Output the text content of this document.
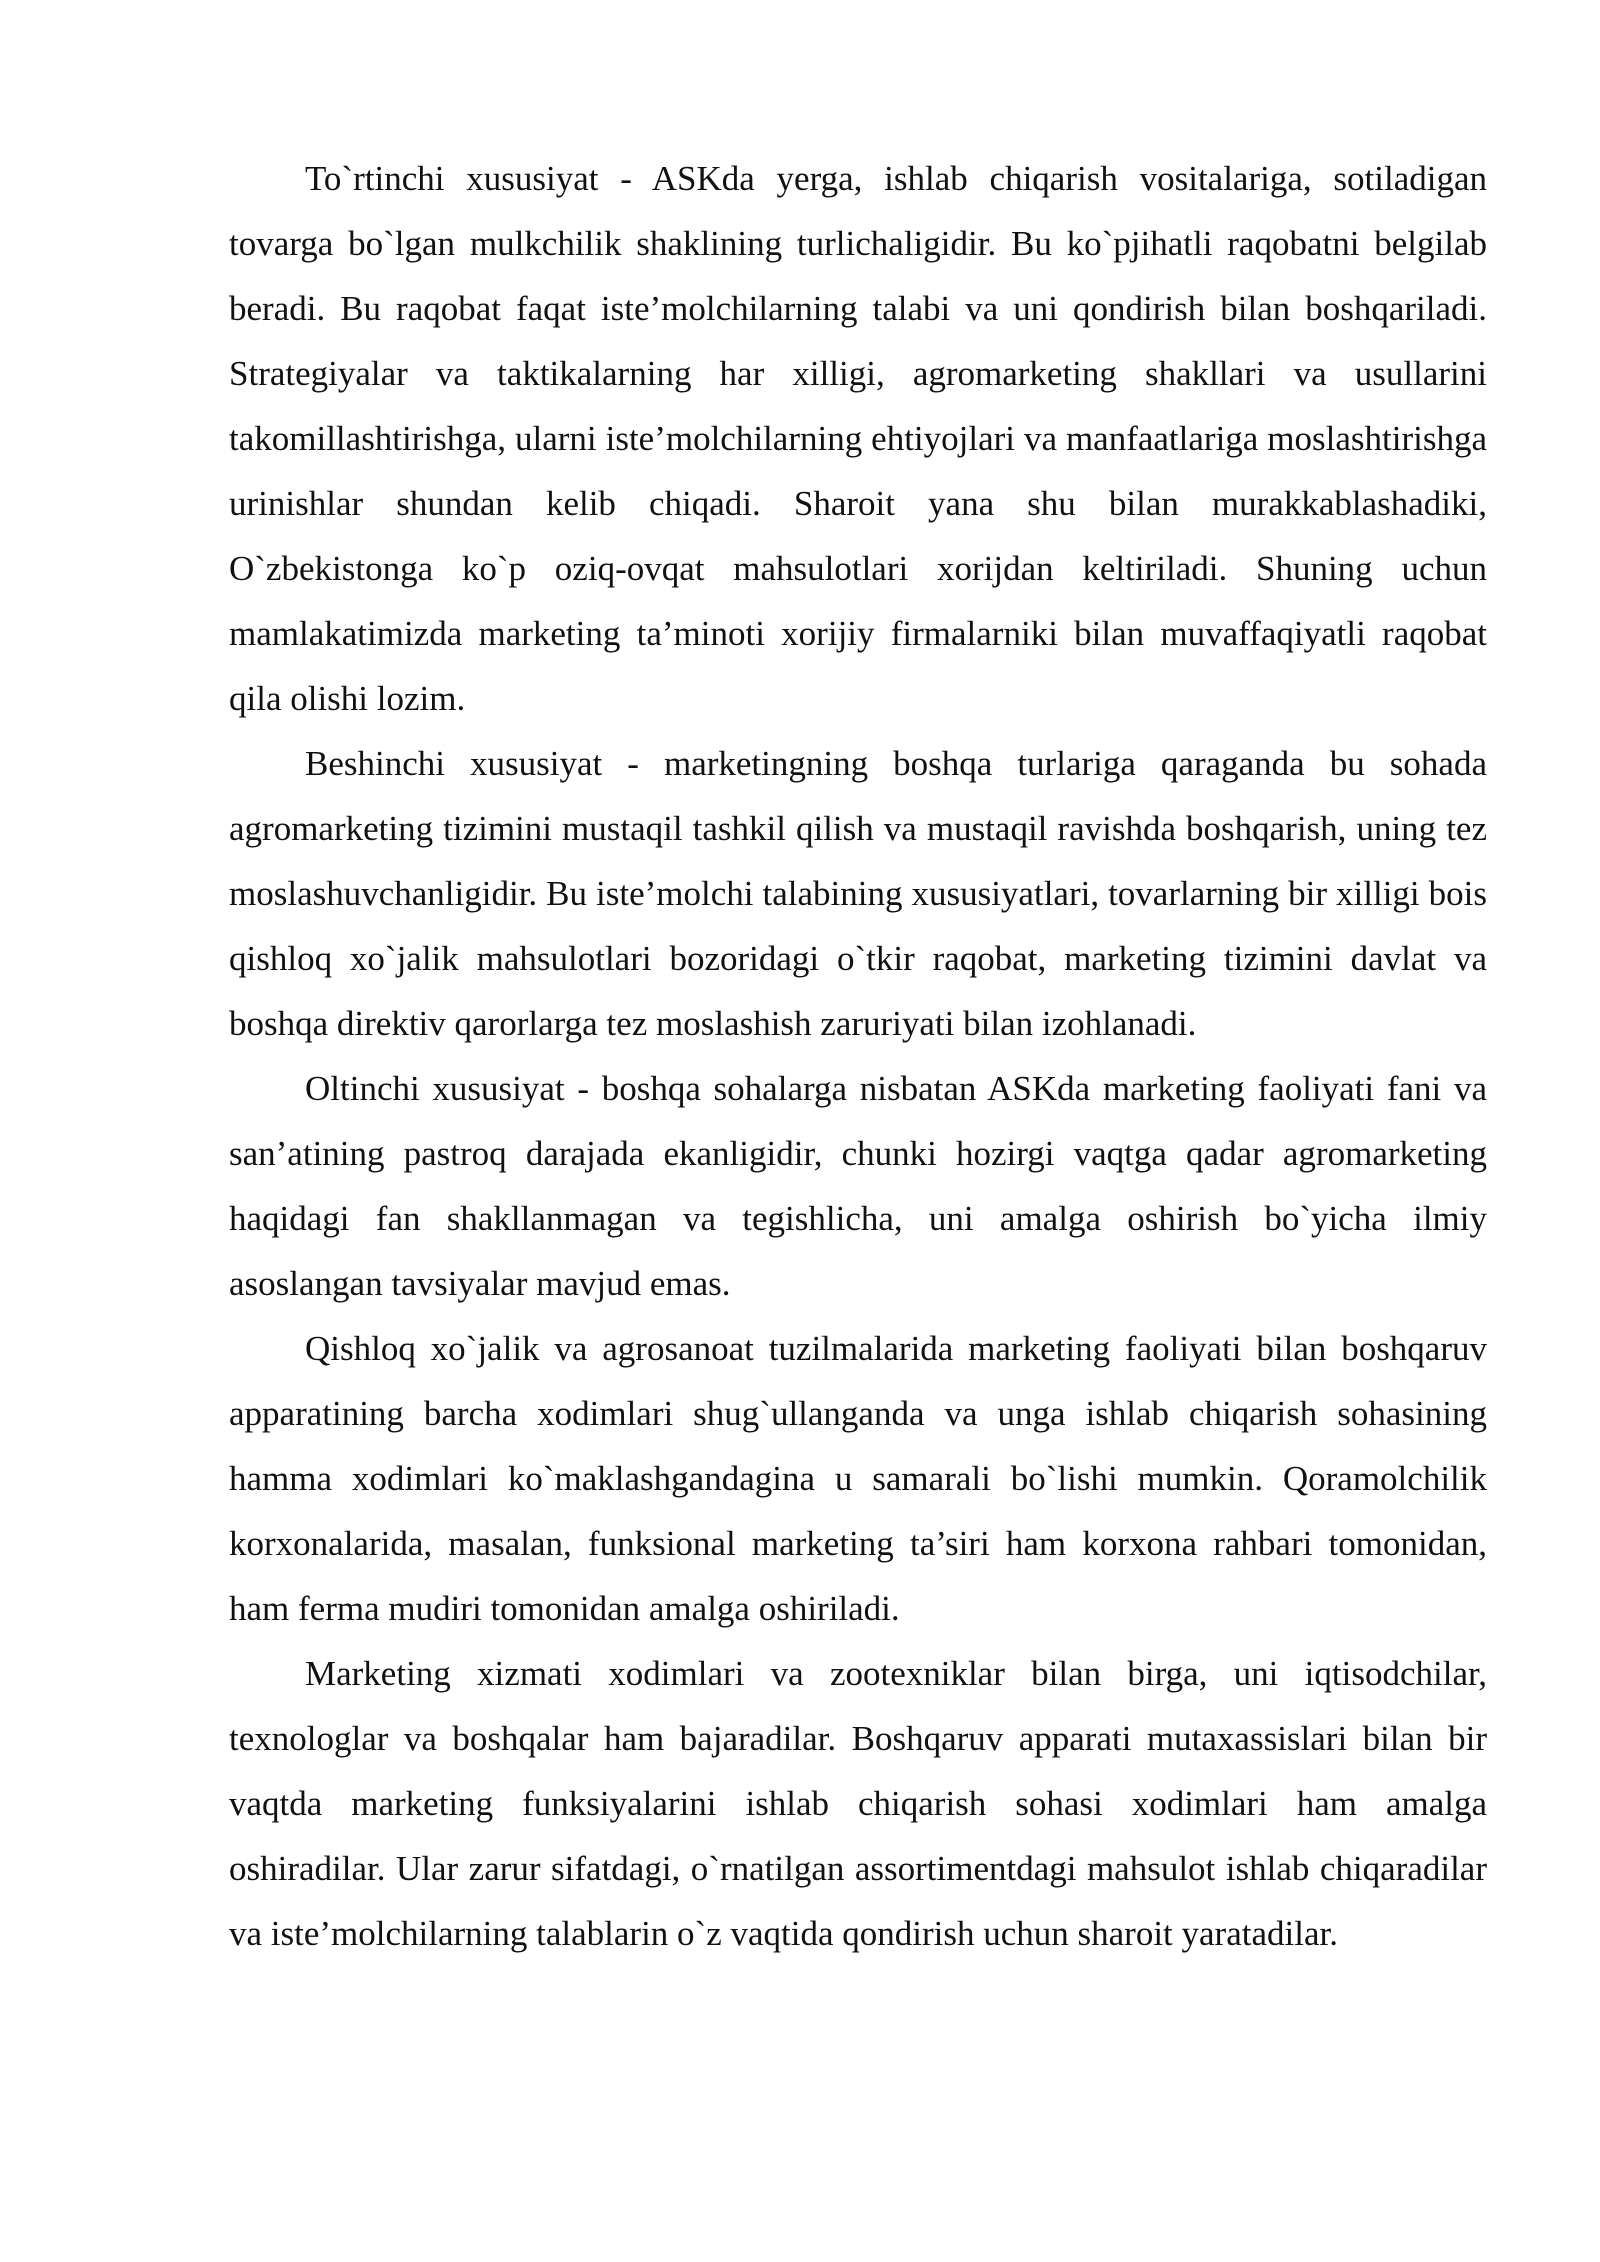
To`rtinchi xususiyat - ASKda yerga, ishlab chiqarish vositalariga, sotiladigan tovarga bo`lgan mulkchilik shaklining turlichaligidir. Bu ko`pjihatli raqobatni belgilab beradi. Bu raqobat faqat iste’molchilarning talabi va uni qondirish bilan boshqariladi. Strategiyalar va taktikalarning har xilligi, agromarketing shakllari va usullarini takomillashtirishga, ularni iste’molchilarning ehtiyojlari va manfaatlariga moslashtirishga urinishlar shundan kelib chiqadi. Sharoit yana shu bilan murakkablashadiki, O`zbekistonga ko`p oziq-ovqat mahsulotlari xorijdan keltiriladi. Shuning uchun mamlakatimizda marketing ta’minoti xorijiy firmalarniki bilan muvaffaqiyatli raqobat qila olishi lozim.

Beshinchi xususiyat - marketingning boshqa turlariga qaraganda bu sohada agromarketing tizimini mustaqil tashkil qilish va mustaqil ravishda boshqarish, uning tez moslashuvchanligidir. Bu iste’molchi talabining xususiyatlari, tovarlarning bir xilligi bois qishloq xo`jalik mahsulotlari bozoridagi o`tkir raqobat, marketing tizimini davlat va boshqa direktiv qarorlarga tez moslashish zaruriyati bilan izohlanadi.

Oltinchi xususiyat - boshqa sohalarga nisbatan ASKda marketing faoliyati fani va san’atining pastroq darajada ekanligidir, chunki hozirgi vaqtga qadar agromarketing haqidagi fan shakllanmagan va tegishlicha, uni amalga oshirish bo`yicha ilmiy asoslangan tavsiyalar mavjud emas.

Qishloq xo`jalik va agrosanoat tuzilmalarida marketing faoliyati bilan boshqaruv apparatining barcha xodimlari shug`ullanganda va unga ishlab chiqarish sohasining hamma xodimlari ko`maklashgandagina u samarali bo`lishi mumkin. Qoramolchilik korxonalarida, masalan, funksional marketing ta’siri ham korxona rahbari tomonidan, ham ferma mudiri tomonidan amalga oshiriladi.

Marketing xizmati xodimlari va zootexniklar bilan birga, uni iqtisodchilar, texnologlar va boshqalar ham bajaradilar. Boshqaruv apparati mutaxassislari bilan bir vaqtda marketing funksiyalarini ishlab chiqarish sohasi xodimlari ham amalga oshiradilar. Ular zarur sifatdagi, o`rnatilgan assortimentdagi mahsulot ishlab chiqaradilar va iste’molchilarning talablarin o`z vaqtida qondirish uchun sharoit yaratadilar.
